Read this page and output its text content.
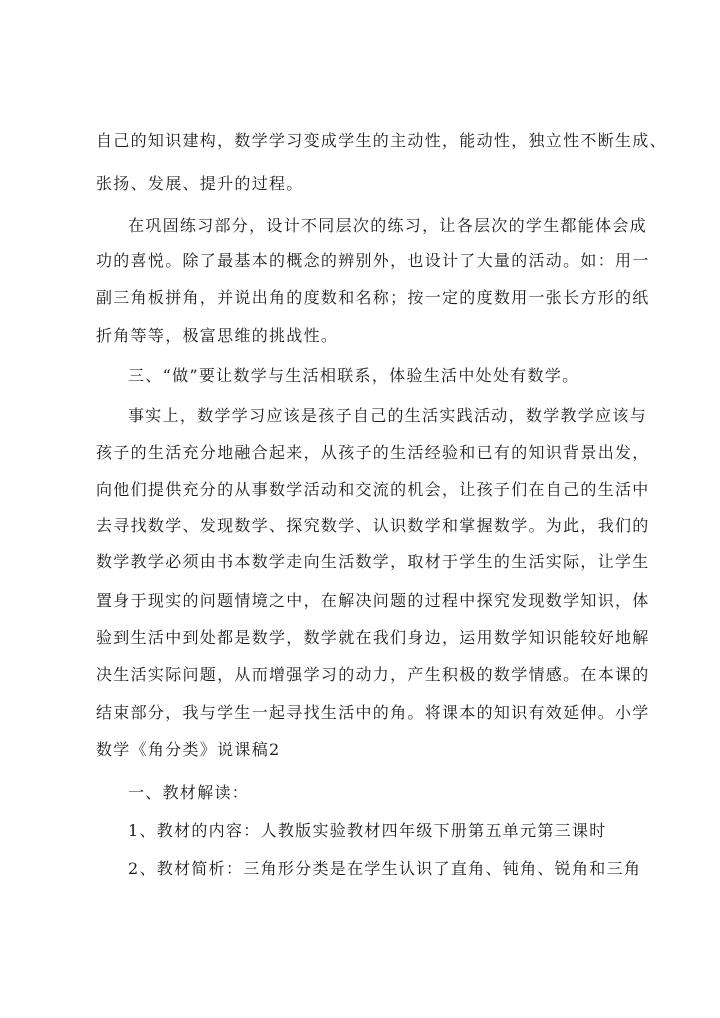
自己的知识建构，数学学习变成学生的主动性，能动性，独立性不断生成、
张扬、发展、提升的过程。
在巩固练习部分，设计不同层次的练习，让各层次的学生都能体会成
功的喜悦。除了最基本的概念的辨别外，也设计了大量的活动。如：用一
副三角板拼角，并说出角的度数和名称；按一定的度数用一张长方形的纸
折角等等，极富思维的挑战性。
三、“做”要让数学与生活相联系，体验生活中处处有数学。
事实上，数学学习应该是孩子自己的生活实践活动，数学教学应该与
孩子的生活充分地融合起来，从孩子的生活经验和已有的知识背景出发，
向他们提供充分的从事数学活动和交流的机会，让孩子们在自己的生活中
去寻找数学、发现数学、探究数学、认识数学和掌握数学。为此，我们的
数学教学必须由书本数学走向生活数学，取材于学生的生活实际，让学生
置身于现实的问题情境之中，在解决问题的过程中探究发现数学知识，体
验到生活中到处都是数学，数学就在我们身边，运用数学知识能较好地解
决生活实际问题，从而增强学习的动力，产生积极的数学情感。在本课的
结束部分，我与学生一起寻找生活中的角。将课本的知识有效延伸。小学
数学《角分类》说课稿2
一、教材解读：
1、教材的内容：人教版实验教材四年级下册第五单元第三课时
2、教材简析：三角形分类是在学生认识了直角、钝角、锐角和三角
